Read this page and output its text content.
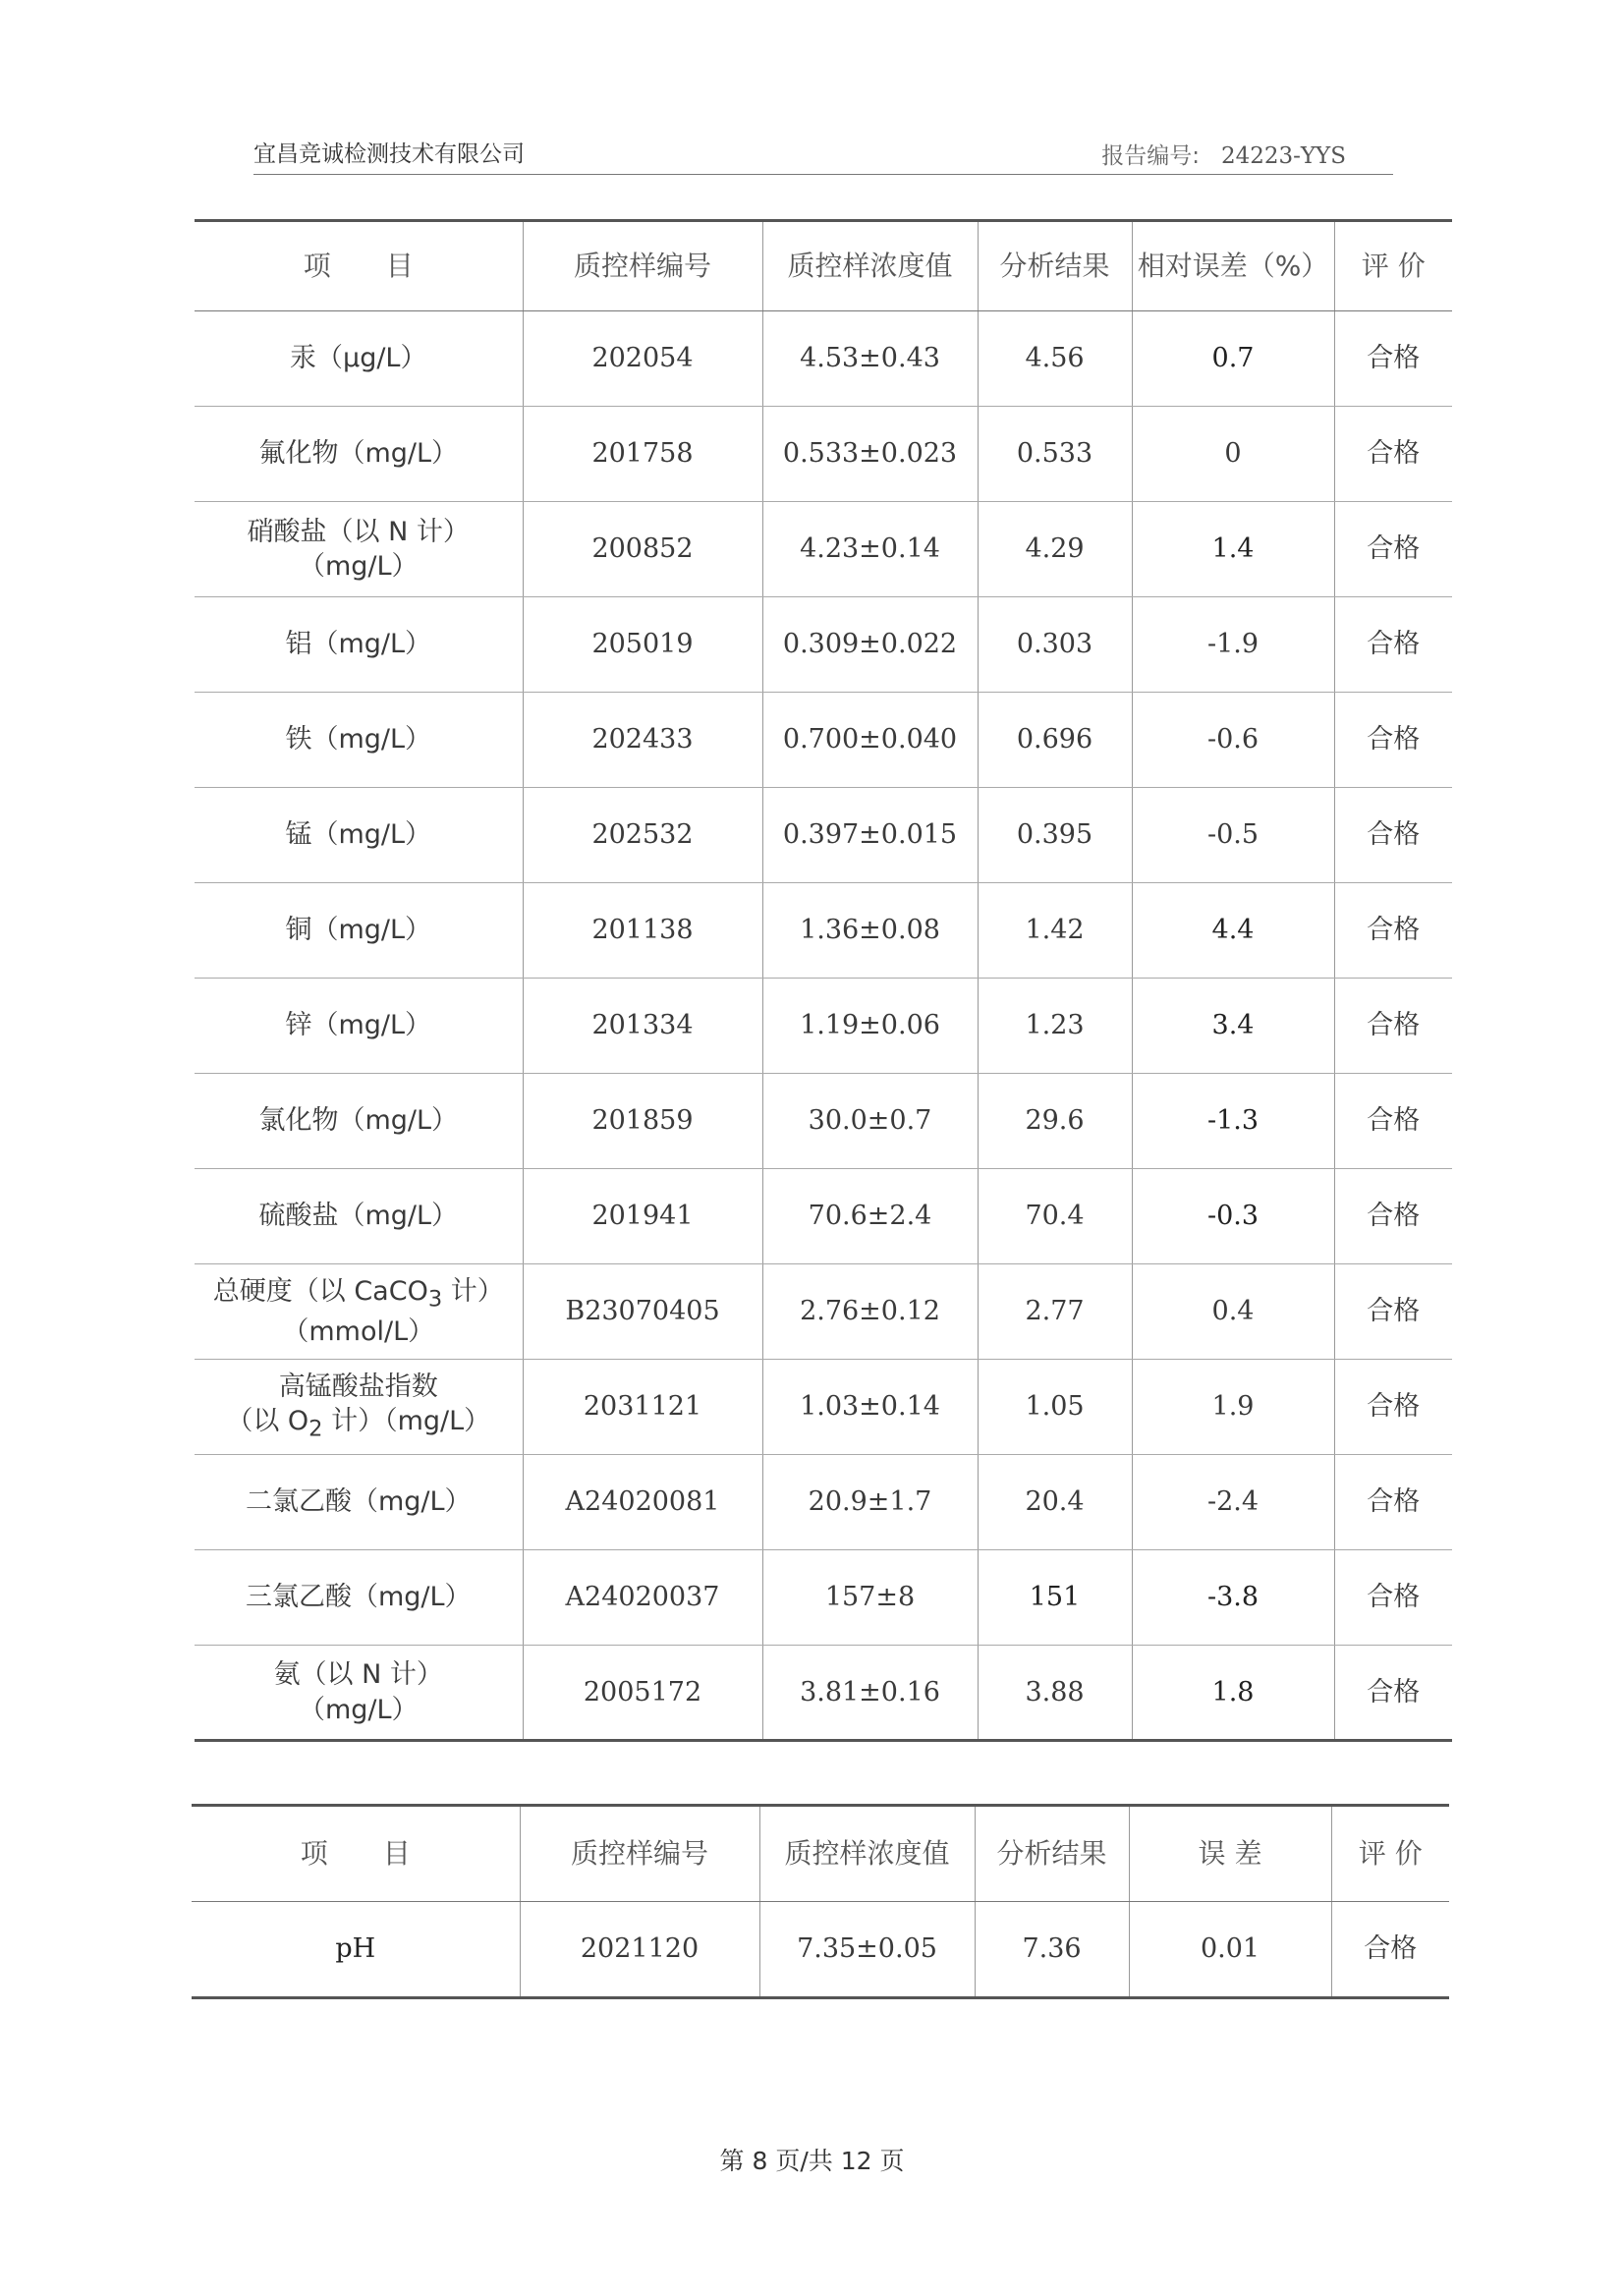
宜昌竞诚检测技术有限公司	报告编号: 24223-YYS
项　　目	质控样编号	质控样浓度值	分析结果	相对误差（%）	评 价
汞（μg/L）	202054	4.53±0.43	4.56	0.7	合格
氟化物（mg/L）	201758	0.533±0.023	0.533	0	合格
硝酸盐（以 N 计）
（mg/L）	200852	4.23±0.14	4.29	1.4	合格
铝（mg/L）	205019	0.309±0.022	0.303	-1.9	合格
铁（mg/L）	202433	0.700±0.040	0.696	-0.6	合格
锰（mg/L）	202532	0.397±0.015	0.395	-0.5	合格
铜（mg/L）	201138	1.36±0.08	1.42	4.4	合格
锌（mg/L）	201334	1.19±0.06	1.23	3.4	合格
氯化物（mg/L）	201859	30.0±0.7	29.6	-1.3	合格
硫酸盐（mg/L）	201941	70.6±2.4	70.4	-0.3	合格
总硬度（以 CaCO$_3$ 计）
（mmol/L）	B23070405	2.76±0.12	2.77	0.4	合格
高锰酸盐指数
（以 $O_2$ 计）（mg/L）	2031121	1.03±0.14	1.05	1.9	合格
二氯乙酸（mg/L）	A24020081	20.9±1.7	20.4	-2.4	合格
三氯乙酸（mg/L）	A24020037	157±8	151	-3.8	合格
氨（以 N 计）
（mg/L）	2005172	3.81±0.16	3.88	1.8	合格
项　　目	质控样编号	质控样浓度值	分析结果	误 差	评 价
pH	2021120	7.35±0.05	7.36	0.01	合格
第 8 页/共 12 页
